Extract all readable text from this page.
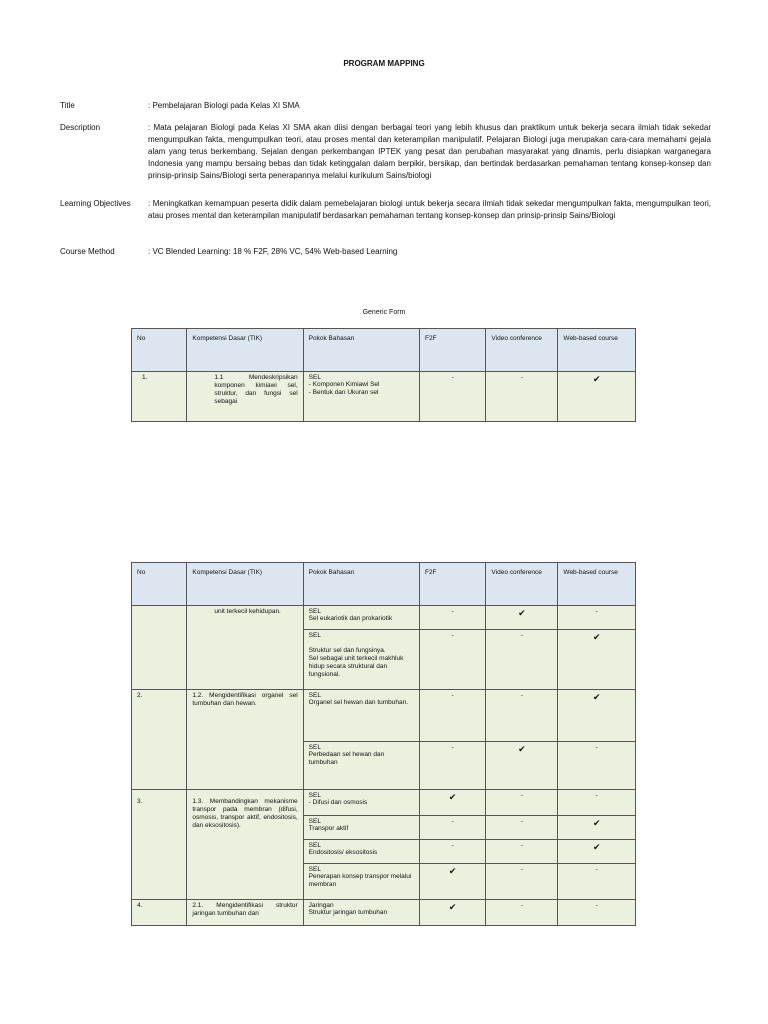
PROGRAM MAPPING
Title	: Pembelajaran Biologi pada Kelas XI SMA
Description	: Mata pelajaran Biologi pada Kelas XI SMA akan diisi dengan berbagai teori yang lebih khusus dan praktikum untuk bekerja secara ilmiah tidak sekedar mengumpulkan fakta, mengumpulkan teori, atau proses mental dan keterampilan manipulatif. Pelajaran Biologi juga merupakan cara-cara memahami gejala alam yang terus berkembang. Sejalan dengan perkembangan IPTEK yang pesat dan perubahan masyarakat yang dinamis, perlu disiapkan warganegara Indonesia yang mampu bersaing bebas dan tidak ketinggalan dalam berpikir, bersikap, dan bertindak berdasarkan pemahaman tentang konsep-konsep dan prinsip-prinsip Sains/Biologi serta penerapannya melalui kurikulum Sains/biologi
Learning Objectives	: Meningkatkan kemampuan peserta didik dalam pemebelajaran biologi untuk bekerja secara ilmiah tidak sekedar mengumpulkan fakta, mengumpulkan teori, atau proses mental dan keterampilan manipulatif berdasarkan pemahaman tentang konsep-konsep dan prinsip-prinsip Sains/Biologi
Course Method	: VC Blended Learning: 18 % F2F, 28% VC, 54% Web-based Learning
Generic Form
No	Kompetensi Dasar (TIK)	Pokok Bahasan	F2F	Video conference	Web-based course
1.	1.1 Mendeskripsikan komponen kimiawi sel, struktur, dan fungsi sel sebagai	SEL
- Komponen Kimiawi Sel
- Bentuk dan Ukuran sel	-	-	✔
No	Kompetensi Dasar (TIK)	Pokok Bahasan	F2F	Video conference	Web-based course

	unit terkecil kehidupan.	SEL
Sel eukariotik dan prokariotik	-	✔	-

		SEL
Struktur sel dan fungsinya.
Sel sebagai unit terkecil makhluk hidup secara struktural dan fungsional.	-	-	✔
2.	1.2. Mengidentifikasi organel sel tumbuhan dan hewan.	SEL
Organel sel hewan dan tumbuhan.	-	-	✔

		SEL
Perbedaan sel hewan dan tumbuhan	-	✔	-
3.	1.3. Membandingkan mekanisme transpor pada membran (difusi, osmosis, transpor aktif, endositosis, dan eksositosis).	SEL
- Difusi dan osmosis	✔	-	-

		SEL
Transpor aktif	-	-	✔

		SEL
Endositosis/ eksositosis	-	-	✔

		SEL
Penerapan konsep transpor melalui membran	✔	-	-
4.	2.1. Mengidentifikasi struktur jaringan tumbuhan dan	Jaringan
Struktur jaringan tumbuhan	✔	-	-
